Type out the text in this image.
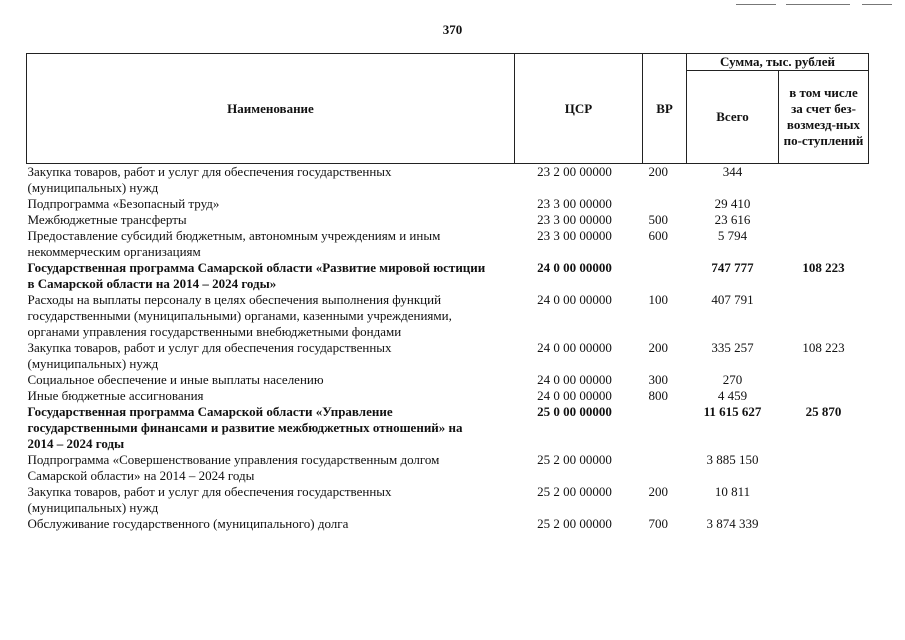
370
Наименование	ЦСР	ВР	Сумма, тыс. рублей	
			Всего	в том числе за счет без-возмезд-ных по-ступлений
Закупка товаров, работ и услуг для обеспечения государственных (муниципальных) нужд	23 2 00 00000	200	344	
Подпрограмма «Безопасный труд»	23 3 00 00000		29 410	
Межбюджетные трансферты	23 3 00 00000	500	23 616	
Предоставление субсидий бюджетным, автономным учреждениям и иным некоммерческим организациям	23 3 00 00000	600	5 794	
Государственная программа Самарской области «Развитие мировой юстиции в Самарской области на 2014 – 2024 годы»	24 0 00 00000		747 777	108 223
Расходы на выплаты персоналу в целях обеспечения выполнения функций государственными (муниципальными) органами, казенными учреждениями, органами управления государственными внебюджетными фондами	24 0 00 00000	100	407 791	
Закупка товаров, работ и услуг для обеспечения государственных (муниципальных) нужд	24 0 00 00000	200	335 257	108 223
Социальное обеспечение и иные выплаты населению	24 0 00 00000	300	270	
Иные бюджетные ассигнования	24 0 00 00000	800	4 459	
Государственная программа Самарской области «Управление государственными финансами и развитие межбюджетных отношений» на 2014 – 2024 годы	25 0 00 00000		11 615 627	25 870
Подпрограмма «Совершенствование управления государственным долгом Самарской области» на 2014 – 2024 годы	25 2 00 00000		3 885 150	
Закупка товаров, работ и услуг для обеспечения государственных (муниципальных) нужд	25 2 00 00000	200	10 811	
Обслуживание государственного (муниципального) долга	25 2 00 00000	700	3 874 339	
